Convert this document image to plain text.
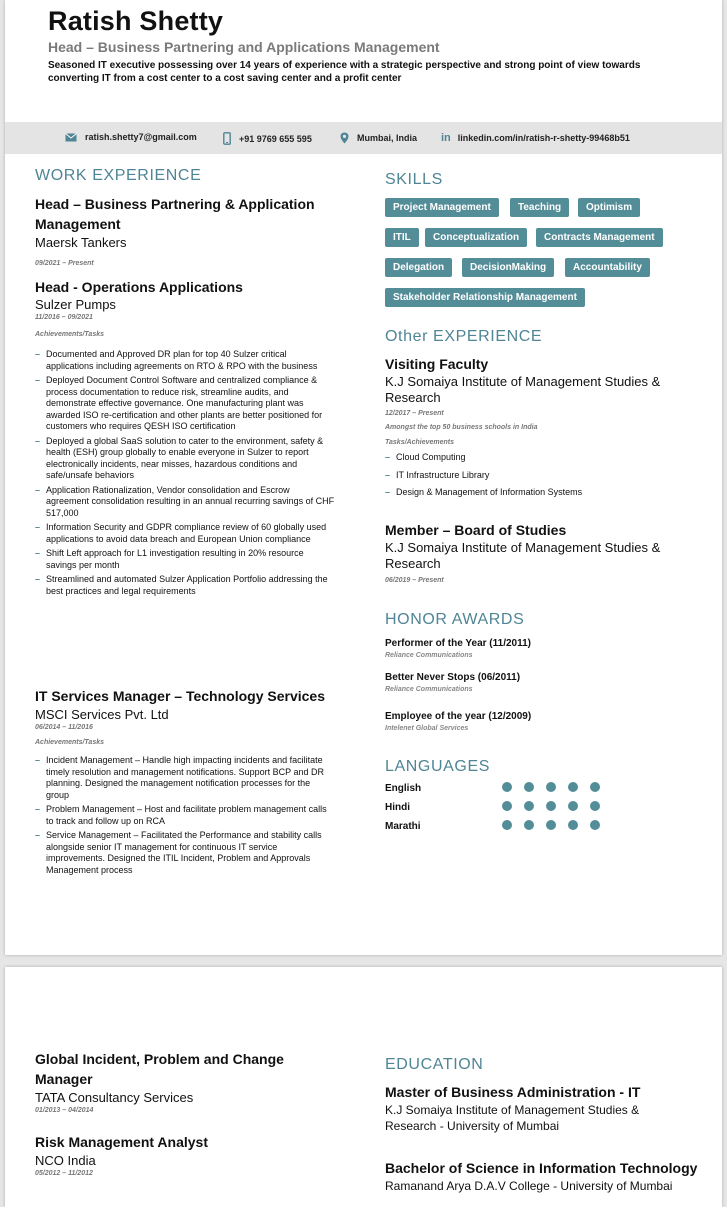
Ratish Shetty
Head – Business Partnering and Applications Management
Seasoned IT executive possessing over 14 years of experience with a strategic perspective and strong point of view towards converting IT from a cost center to a cost saving center and a profit center
ratish.shetty7@gmail.com	+91 9769 655 595	Mumbai, India in linkedin.com/in/ratish-r-shetty-99468b51
WORK EXPERIENCE
Head – Business Partnering & Application Management
Maersk Tankers
09/2021 – Present
Head - Operations Applications
Sulzer Pumps
11/2016 – 09/2021
Achievements/Tasks
– Documented and Approved DR plan for top 40 Sulzer critical applications including agreements on RTO & RPO with the business
– Deployed Document Control Software and centralized compliance & process documentation to reduce risk, streamline audits, and demonstrate effective governance. One manufacturing plant was awarded ISO re-certification and other plants are better positioned for customers who requires QESH ISO certification
– Deployed a global SaaS solution to cater to the environment, safety & health (ESH) group globally to enable everyone in Sulzer to report electronically incidents, near misses, hazardous conditions and safe/unsafe behaviors
– Application Rationalization, Vendor consolidation and Escrow agreement consolidation resulting in an annual recurring savings of CHF 517,000
– Information Security and GDPR compliance review of 60 globally used applications to avoid data breach and European Union compliance
– Shift Left approach for L1 investigation resulting in 20% resource savings per month
– Streamlined and automated Sulzer Application Portfolio addressing the best practices and legal requirements
IT Services Manager – Technology Services
MSCI Services Pvt. Ltd
06/2014 – 11/2016
Achievements/Tasks
– Incident Management – Handle high impacting incidents and facilitate timely resolution and management notifications. Support BCP and DR planning. Designed the management notification processes for the group
– Problem Management – Host and facilitate problem management calls to track and follow up on RCA
– Service Management – Facilitated the Performance and stability calls alongside senior IT management for continuous IT service improvements. Designed the ITIL Incident, Problem and Approvals Management process
SKILLS
Project Management	Teaching	Optimism
ITIL	Conceptualization	Contracts Management
Delegation	DecisionMaking	Accountability
Stakeholder Relationship Management
Other EXPERIENCE
Visiting Faculty
K.J Somaiya Institute of Management Studies & Research
12/2017 – Present
Amongst the top 50 business schools in India
Tasks/Achievements
– Cloud Computing
– IT Infrastructure Library
– Design & Management of Information Systems
Member – Board of Studies
K.J Somaiya Institute of Management Studies & Research
06/2019 – Present
HONOR AWARDS
Performer of the Year (11/2011)
Reliance Communications
Better Never Stops (06/2011)
Reliance Communications
Employee of the year (12/2009)
Intelenet Global Services
LANGUAGES
English
Hindi
Marathi
Global Incident, Problem and Change Manager
TATA Consultancy Services
01/2013 – 04/2014
Risk Management Analyst
NCO India
05/2012 – 11/2012
EDUCATION
Master of Business Administration - IT
K.J Somaiya Institute of Management Studies & Research - University of Mumbai
Bachelor of Science in Information Technology
Ramanand Arya D.A.V College - University of Mumbai
